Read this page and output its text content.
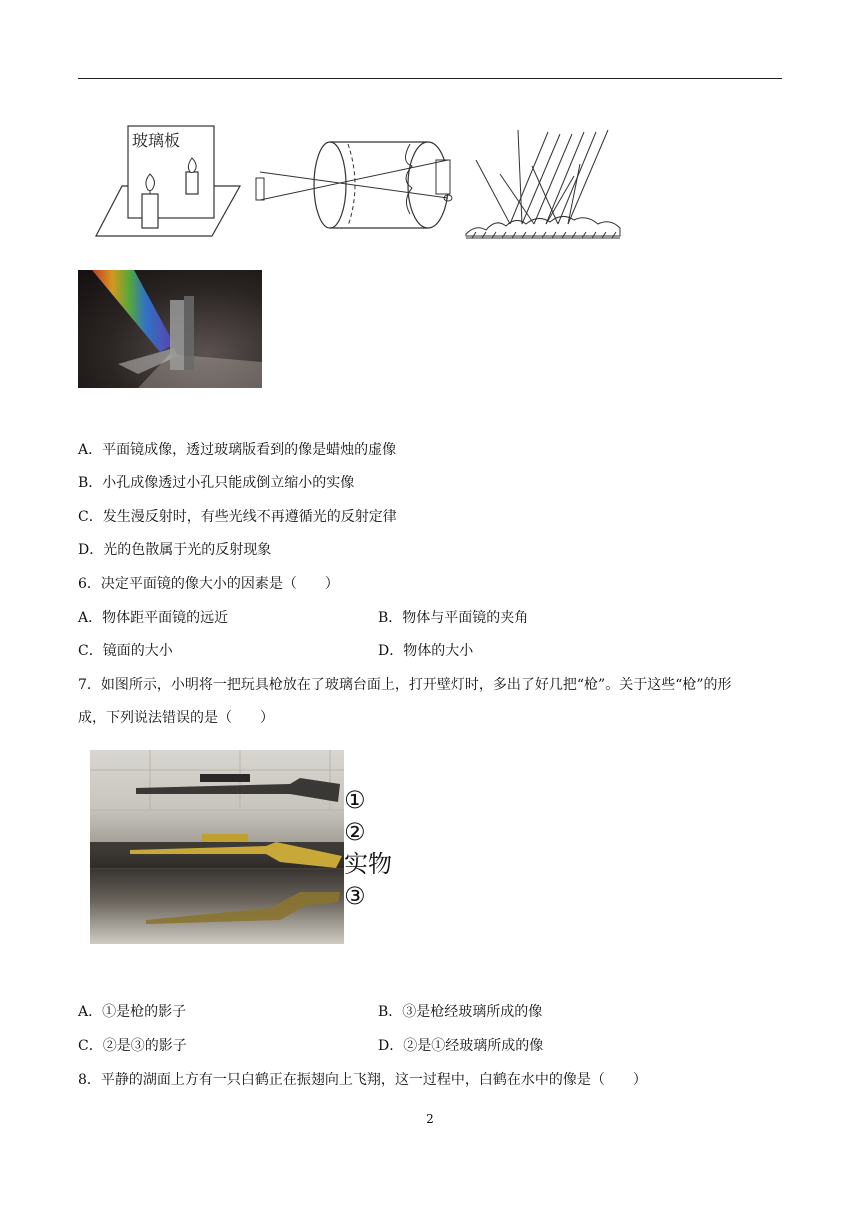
玻璃板
A．平面镜成像，透过玻璃版看到的像是蜡烛的虚像
B．小孔成像透过小孔只能成倒立缩小的实像
C．发生漫反射时，有些光线不再遵循光的反射定律
D．光的色散属于光的反射现象
6．决定平面镜的像大小的因素是（　　）
A．物体距平面镜的远近	B．物体与平面镜的夹角
C．镜面的大小	D．物体的大小
7．如图所示，小明将一把玩具枪放在了玻璃台面上，打开壁灯时，多出了好几把“枪”。关于这些“枪”的形
成，下列说法错误的是（　　）
①
②
实物
③
A．①是枪的影子	B．③是枪经玻璃所成的像
C．②是③的影子	D．②是①经玻璃所成的像
8．平静的湖面上方有一只白鹤正在振翅向上飞翔，这一过程中，白鹤在水中的像是（　　）
2
